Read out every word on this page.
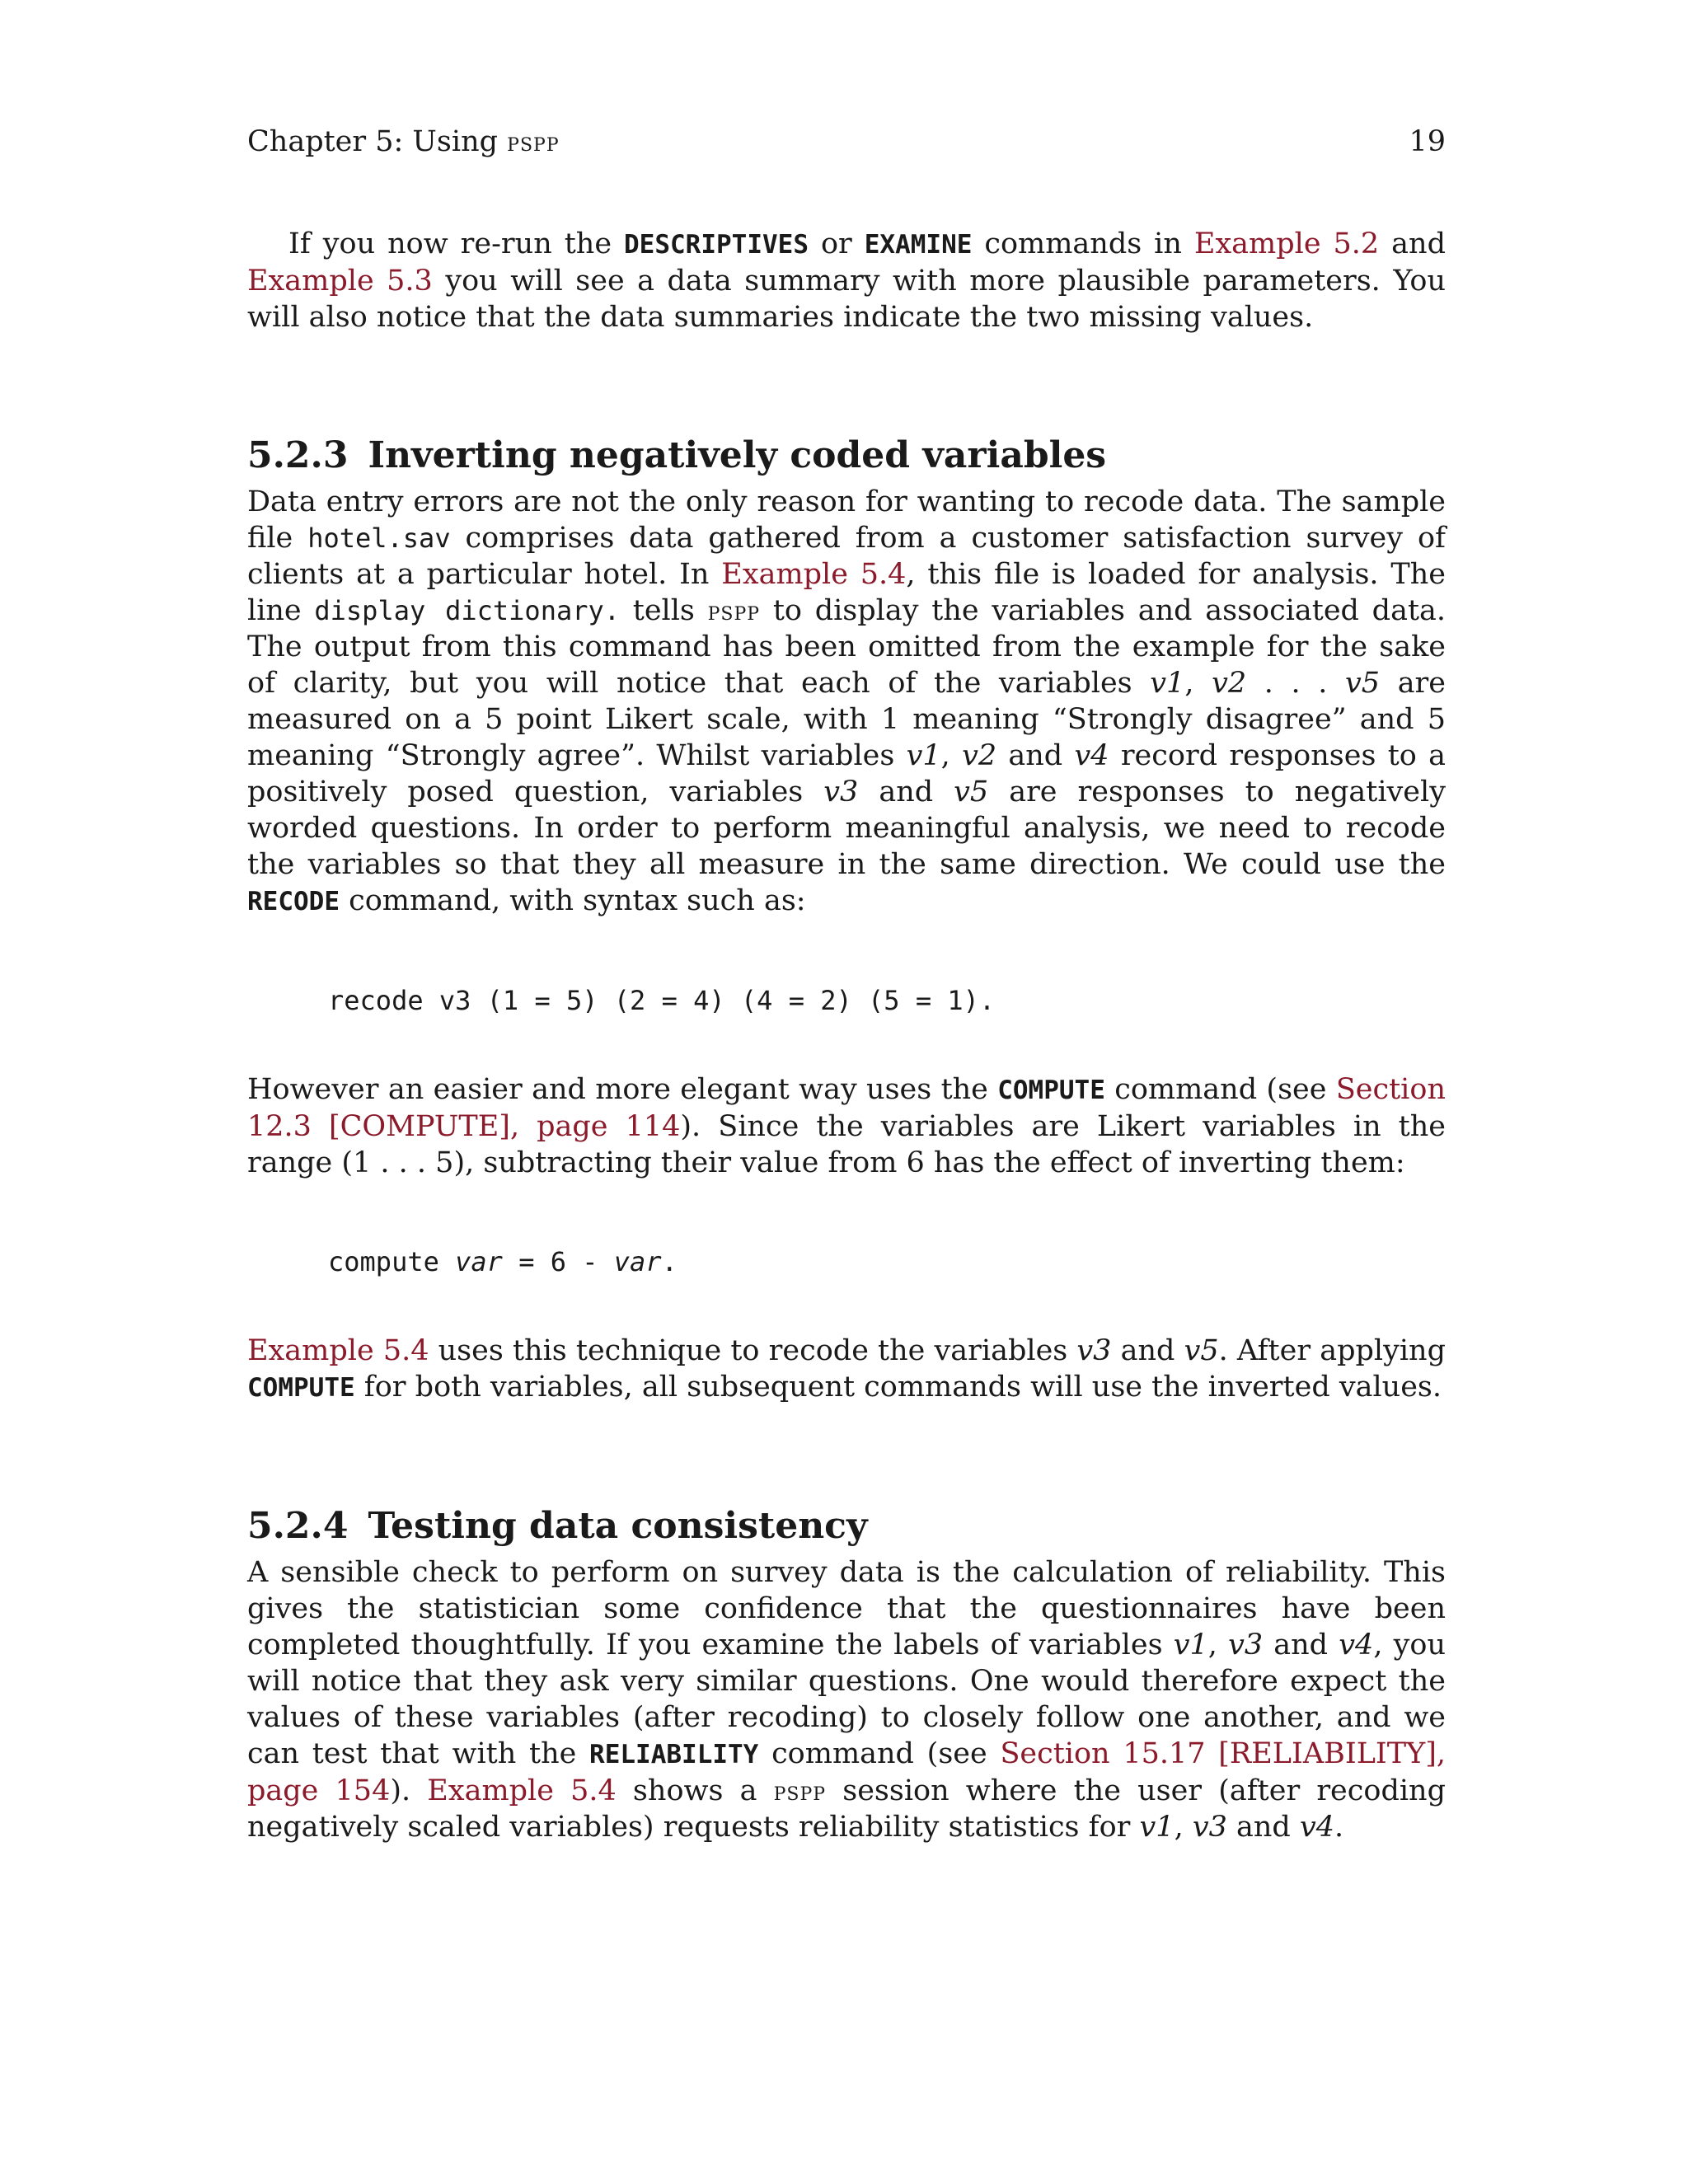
Chapter 5: Using pspp	19

If you now re-run the DESCRIPTIVES or EXAMINE commands in Example 5.2 and Example 5.3 you will see a data summary with more plausible parameters. You will also notice that the data summaries indicate the two missing values.

5.2.3 Inverting negatively coded variables

Data entry errors are not the only reason for wanting to recode data. The sample file hotel.sav comprises data gathered from a customer satisfaction survey of clients at a particular hotel. In Example 5.4, this file is loaded for analysis. The line display dictionary. tells pspp to display the variables and associated data. The output from this command has been omitted from the example for the sake of clarity, but you will notice that each of the variables v1, v2 . . . v5 are measured on a 5 point Likert scale, with 1 meaning “Strongly disagree” and 5 meaning “Strongly agree”. Whilst variables v1, v2 and v4 record responses to a positively posed question, variables v3 and v5 are responses to negatively worded questions. In order to perform meaningful analysis, we need to recode the variables so that they all measure in the same direction. We could use the RECODE command, with syntax such as:

recode v3 (1 = 5) (2 = 4) (4 = 2) (5 = 1).

However an easier and more elegant way uses the COMPUTE command (see Section 12.3 [COMPUTE], page 114). Since the variables are Likert variables in the range (1 . . . 5), subtracting their value from 6 has the effect of inverting them:

compute var = 6 - var.

Example 5.4 uses this technique to recode the variables v3 and v5. After applying COMPUTE for both variables, all subsequent commands will use the inverted values.

5.2.4 Testing data consistency

A sensible check to perform on survey data is the calculation of reliability. This gives the statistician some confidence that the questionnaires have been completed thoughtfully. If you examine the labels of variables v1, v3 and v4, you will notice that they ask very similar questions. One would therefore expect the values of these variables (after recoding) to closely follow one another, and we can test that with the RELIABILITY command (see Section 15.17 [RELIABILITY], page 154). Example 5.4 shows a pspp session where the user (after recoding negatively scaled variables) requests reliability statistics for v1, v3 and v4.
